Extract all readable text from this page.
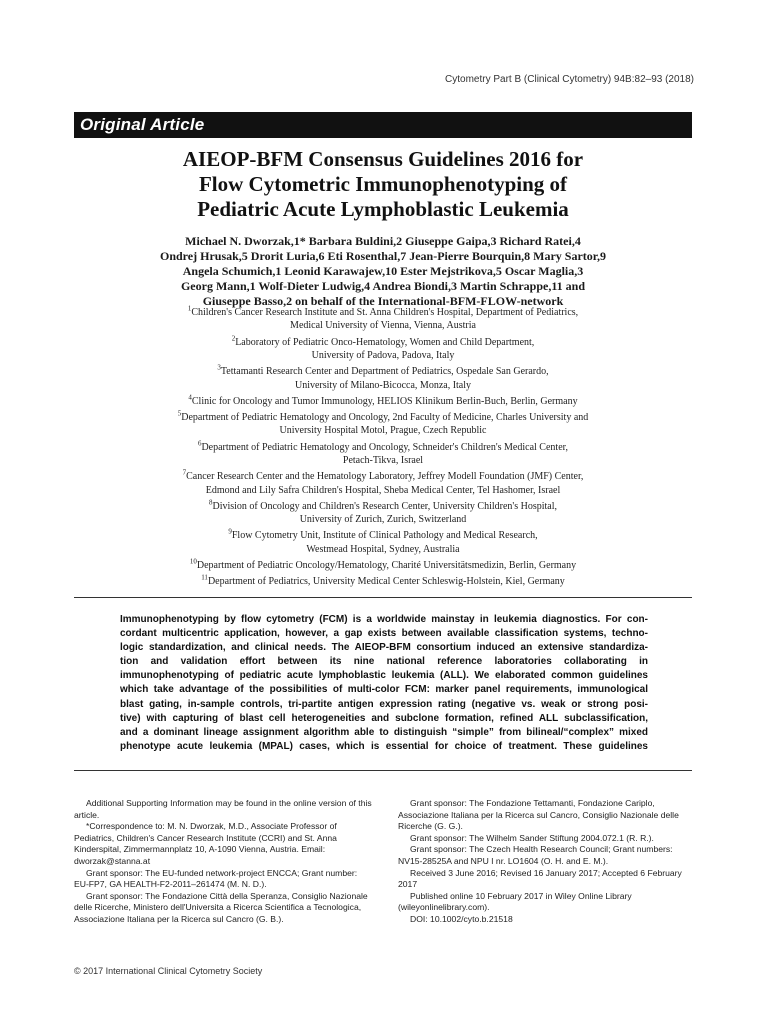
Cytometry Part B (Clinical Cytometry) 94B:82–93 (2018)
Original Article
AIEOP-BFM Consensus Guidelines 2016 for
Flow Cytometric Immunophenotyping of
Pediatric Acute Lymphoblastic Leukemia
Michael N. Dworzak,1* Barbara Buldini,2 Giuseppe Gaipa,3 Richard Ratei,4
Ondrej Hrusak,5 Drorit Luria,6 Eti Rosenthal,7 Jean-Pierre Bourquin,8 Mary Sartor,9
Angela Schumich,1 Leonid Karawajew,10 Ester Mejstrikova,5 Oscar Maglia,3
Georg Mann,1 Wolf-Dieter Ludwig,4 Andrea Biondi,3 Martin Schrappe,11 and
Giuseppe Basso,2 on behalf of the International-BFM-FLOW-network
$^1$Children's Cancer Research Institute and St. Anna Children's Hospital, Department of Pediatrics,
Medical University of Vienna, Vienna, Austria
$^2$Laboratory of Pediatric Onco-Hematology, Women and Child Department,
University of Padova, Padova, Italy
$^3$Tettamanti Research Center and Department of Pediatrics, Ospedale San Gerardo,
University of Milano-Bicocca, Monza, Italy
$^4$Clinic for Oncology and Tumor Immunology, HELIOS Klinikum Berlin-Buch, Berlin, Germany
$^5$Department of Pediatric Hematology and Oncology, 2nd Faculty of Medicine, Charles University and
University Hospital Motol, Prague, Czech Republic
$^6$Department of Pediatric Hematology and Oncology, Schneider's Children's Medical Center,
Petach-Tikva, Israel
$^7$Cancer Research Center and the Hematology Laboratory, Jeffrey Modell Foundation (JMF) Center,
Edmond and Lily Safra Children's Hospital, Sheba Medical Center, Tel Hashomer, Israel
$^8$Division of Oncology and Children's Research Center, University Children's Hospital,
University of Zurich, Zurich, Switzerland
$^9$Flow Cytometry Unit, Institute of Clinical Pathology and Medical Research,
Westmead Hospital, Sydney, Australia
$^{10}$Department of Pediatric Oncology/Hematology, Charité Universitätsmedizin, Berlin, Germany
$^{11}$Department of Pediatrics, University Medical Center Schleswig-Holstein, Kiel, Germany
Immunophenotyping by flow cytometry (FCM) is a worldwide mainstay in leukemia diagnostics. For con-
cordant multicentric application, however, a gap exists between available classification systems, techno-
logic standardization, and clinical needs. The AIEOP-BFM consortium induced an extensive standardiza-
tion and validation effort between its nine national reference laboratories collaborating in
immunophenotyping of pediatric acute lymphoblastic leukemia (ALL). We elaborated common guidelines
which take advantage of the possibilities of multi-color FCM: marker panel requirements, immunological
blast gating, in-sample controls, tri-partite antigen expression rating (negative vs. weak or strong posi-
tive) with capturing of blast cell heterogeneities and subclone formation, refined ALL subclassification,
and a dominant lineage assignment algorithm able to distinguish “simple” from bilineal/“complex” mixed
phenotype acute leukemia (MPAL) cases, which is essential for choice of treatment. These guidelines

Additional Supporting Information may be found in the online version of this article.

*Correspondence to: M. N. Dworzak, M.D., Associate Professor of Pediatrics, Children's Cancer Research Institute (CCRI) and St. Anna Kinderspital, Zimmermannplatz 10, A-1090 Vienna, Austria. Email: dworzak@stanna.at

Grant sponsor: The EU-funded network-project ENCCA; Grant number: EU-FP7, GA HEALTH-F2-2011–261474 (M. N. D.).

Grant sponsor: The Fondazione Città della Speranza, Consiglio Nazionale delle Ricerche, Ministero dell'Universita a Ricerca Scientifica a Tecnologica, Associazione Italiana per la Ricerca sul Cancro (G. B.).

Grant sponsor: The Fondazione Tettamanti, Fondazione Cariplo, Associazione Italiana per la Ricerca sul Cancro, Consiglio Nazionale delle Ricerche (G. G.).

Grant sponsor: The Wilhelm Sander Stiftung 2004.072.1 (R. R.).

Grant sponsor: The Czech Health Research Council; Grant numbers: NV15-28525A and NPU I nr. LO1604 (O. H. and E. M.).

Received 3 June 2016; Revised 16 January 2017; Accepted 6 February 2017

Published online 10 February 2017 in Wiley Online Library (wileyonlinelibrary.com).

DOI: 10.1002/cyto.b.21518

© 2017 International Clinical Cytometry Society
